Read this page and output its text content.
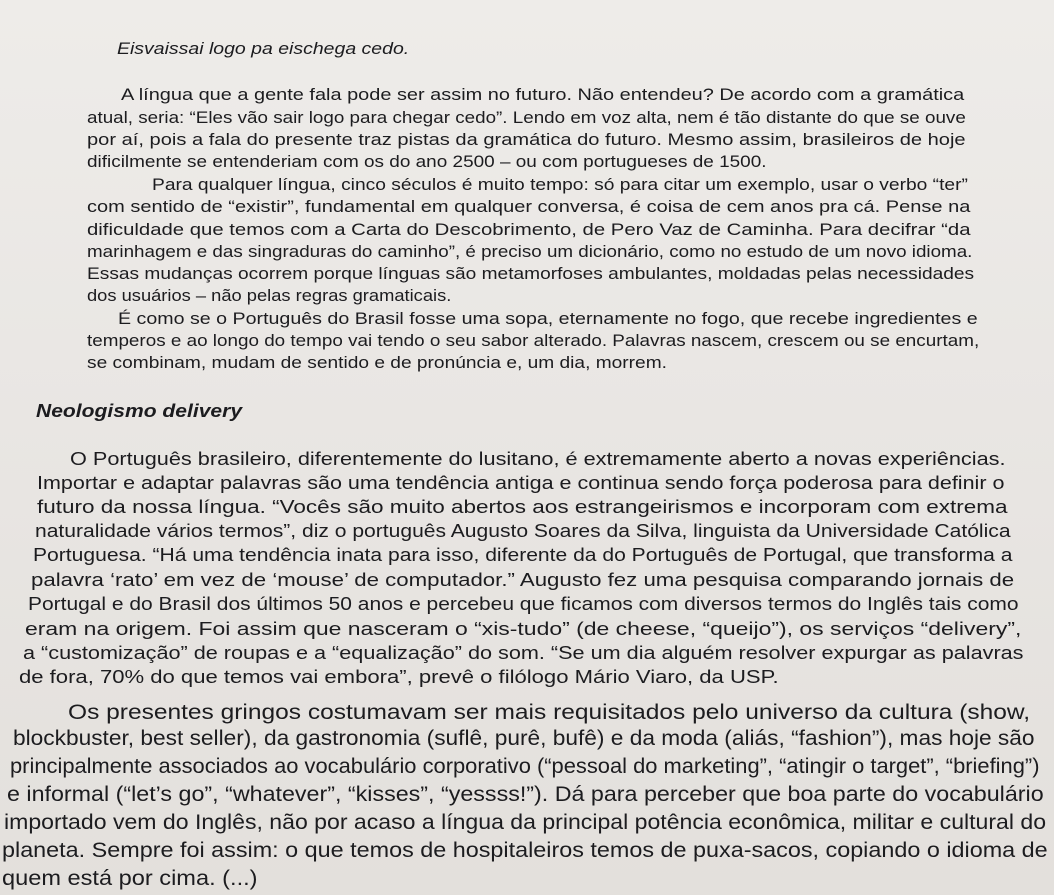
Eisvaissai logo pa eischega cedo.
A língua que a gente fala pode ser assim no futuro. Não entendeu? De acordo com a gramática
atual, seria: “Eles vão sair logo para chegar cedo”. Lendo em voz alta, nem é tão distante do que se ouve
por aí, pois a fala do presente traz pistas da gramática do futuro. Mesmo assim, brasileiros de hoje
dificilmente se entenderiam com os do ano 2500 – ou com portugueses de 1500.
Para qualquer língua, cinco séculos é muito tempo: só para citar um exemplo, usar o verbo “ter”
com sentido de “existir”, fundamental em qualquer conversa, é coisa de cem anos pra cá. Pense na
dificuldade que temos com a Carta do Descobrimento, de Pero Vaz de Caminha. Para decifrar “da
marinhagem e das singraduras do caminho”, é preciso um dicionário, como no estudo de um novo idioma.
Essas mudanças ocorrem porque línguas são metamorfoses ambulantes, moldadas pelas necessidades
dos usuários – não pelas regras gramaticais.
É como se o Português do Brasil fosse uma sopa, eternamente no fogo, que recebe ingredientes e
temperos e ao longo do tempo vai tendo o seu sabor alterado. Palavras nascem, crescem ou se encurtam,
se combinam, mudam de sentido e de pronúncia e, um dia, morrem.
Neologismo delivery
O Português brasileiro, diferentemente do lusitano, é extremamente aberto a novas experiências.
Importar e adaptar palavras são uma tendência antiga e continua sendo força poderosa para definir o
futuro da nossa língua. “Vocês são muito abertos aos estrangeirismos e incorporam com extrema
naturalidade vários termos”, diz o português Augusto Soares da Silva, linguista da Universidade Católica
Portuguesa. “Há uma tendência inata para isso, diferente da do Português de Portugal, que transforma a
palavra ‘rato’ em vez de ‘mouse’ de computador.” Augusto fez uma pesquisa comparando jornais de
Portugal e do Brasil dos últimos 50 anos e percebeu que ficamos com diversos termos do Inglês tais como
eram na origem. Foi assim que nasceram o “xis-tudo” (de cheese, “queijo”), os serviços “delivery”,
a “customização” de roupas e a “equalização” do som. “Se um dia alguém resolver expurgar as palavras
de fora, 70% do que temos vai embora”, prevê o filólogo Mário Viaro, da USP.
Os presentes gringos costumavam ser mais requisitados pelo universo da cultura (show,
blockbuster, best seller), da gastronomia (suflê, purê, bufê) e da moda (aliás, “fashion”), mas hoje são
principalmente associados ao vocabulário corporativo (“pessoal do marketing”, “atingir o target”, “briefing”)
e informal (“let’s go”, “whatever”, “kisses”, “yessss!”). Dá para perceber que boa parte do vocabulário
importado vem do Inglês, não por acaso a língua da principal potência econômica, militar e cultural do
planeta. Sempre foi assim: o que temos de hospitaleiros temos de puxa-sacos, copiando o idioma de
quem está por cima. (...)
